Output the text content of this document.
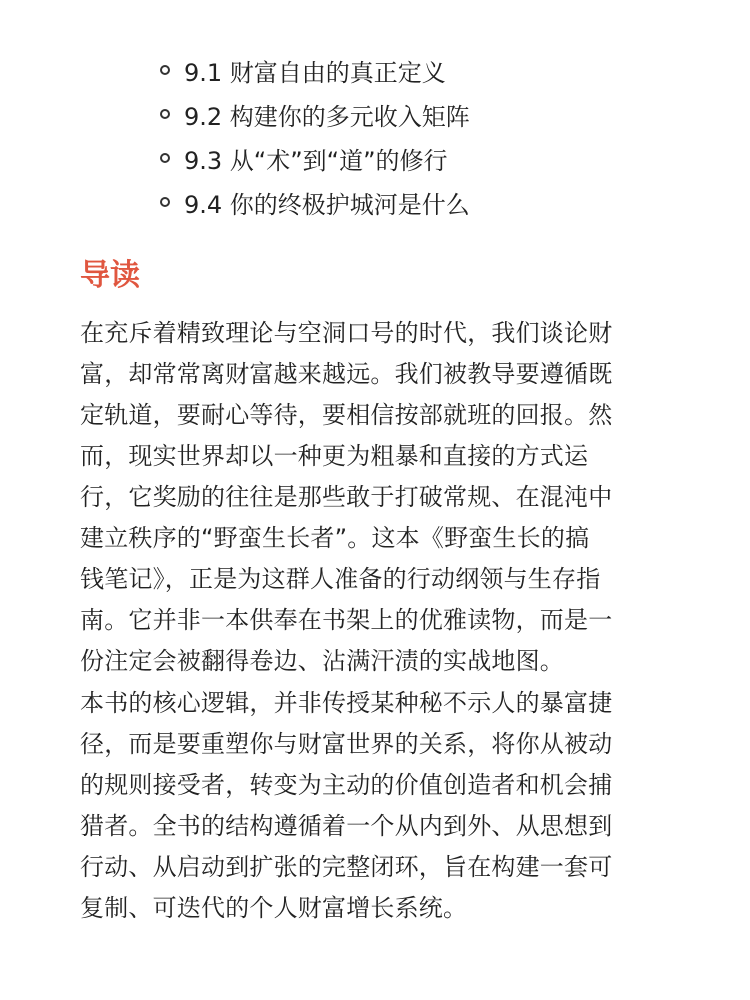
9.1 财富自由的真正定义
9.2 构建你的多元收入矩阵
9.3 从“术”到“道”的修行
9.4 你的终极护城河是什么
导读

在充斥着精致理论与空洞口号的时代，我们谈论财
富，却常常离财富越来越远。我们被教导要遵循既
定轨道，要耐心等待，要相信按部就班的回报。然
而，现实世界却以一种更为粗暴和直接的方式运
行，它奖励的往往是那些敢于打破常规、在混沌中
建立秩序的“野蛮生长者”。这本《野蛮生长的搞
钱笔记》，正是为这群人准备的行动纲领与生存指
南。它并非一本供奉在书架上的优雅读物，而是一
份注定会被翻得卷边、沾满汗渍的实战地图。

本书的核心逻辑，并非传授某种秘不示人的暴富捷
径，而是要重塑你与财富世界的关系，将你从被动
的规则接受者，转变为主动的价值创造者和机会捕
猎者。全书的结构遵循着一个从内到外、从思想到
行动、从启动到扩张的完整闭环，旨在构建一套可
复制、可迭代的个人财富增长系统。
